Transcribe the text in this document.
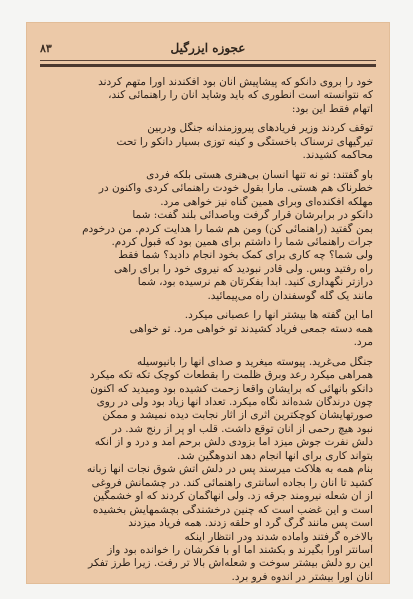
۸۳	عجوزه ایزرگیل

خود را بروی دانکو که پیشاپیش آنان بود افکندند اورا متهم کردند
که نتوانسته است آنطوری که باید وشاید آنان را راهنمائی کند،
اتهام فقط این بود:

توقف کردند وزیر فریادهای پیروزمندانه جنگل ودربین
تیرگیهای ترسناک باخستگی و کینه توزی بسیار دانکو را تحت
محاکمه کشیدند.

باو گفتند: تو نه تنها انسان بی‌هنری هستی بلکه فردی
خطرناک هم هستی. مارا بقول خودت راهنمائی کردی واکنون در
مهلکه افکنده‌ای وبرای همین گناه نیز خواهی مرد.
دانکو در برابرشان قرار گرفت وباصدائی بلند گفت: شما
بمن گفتید (راهنمائی کن) ومن هم شما را هدایت کردم. من درخودم
جرات راهنمائی شما را داشتم برای همین بود که قبول کردم.
ولی شما؟ چه کاری برای کمک بخود انجام دادید؟ شما فقط
راه رفتید وبس. ولی قادر نبودید که نیروی خود را برای راهی
درازتر نگهداری کنید. ابداً بفکرتان هم نرسیده بود، شما
مانند یک گله گوسفندان راه می‌پیمائید.

اما این گفته ها بیشتر آنها را عصبانی میکرد.
همه دسته جمعی فریاد کشیدند تو خواهی مرد. تو خواهی
مرد.

جنگل می‌غرید. پیوسته میغرید و صدای آنها را بانیوسیله
همراهی میکرد رعد وبرق ظلمت را بقطعات کوچک تکه تکه میکرد
دانکو بآنهائی که برایشان واقعاً زحمت کشیده بود ومیدید که اکنون
چون درندگان شده‌اند نگاه میکرد. تعداد آنها زیاد بود ولی در روی
صورتهایشان کوچکترین اثری از آثار نجابت دیده نمیشد و ممکن
نبود هیچ رحمی از آنان توقع داشت. قلب او پر از رنج شد. در
دلش نفرت جوش میزد اما بزودی دلش برحم آمد و درد و از آنکه
بتواند کاری برای آنها انجام دهد اندوهگین شد.
بنام همه به هلاکت میرسند پس در دلش آتش شوق نجات آنها زبانه
کشید تا آنان را بجاده آسانتری راهنمائی کند. در چشمانش فروغی
از آن شعله نیرومند جرقه زد. ولی آنهاگمان کردند که او خشمگین
است و این غضب است که چنین درخشندگی بچشمهایش بخشیده
است پس مانند گرگ گرد او حلقه زدند. همه فریاد میزدند
بالاخره گرفتند وآماده شدند ودر انتظار اینکه
آسانتر اورا بگیرند و بکشند اما او با فکرشان را خوانده بود واز
این رو دلش بیشتر سوخت و شعله‌اش بالا تر رفت. زیرا طرز تفکر
آنان اورا بیشتر در اندوه فرو برد.
